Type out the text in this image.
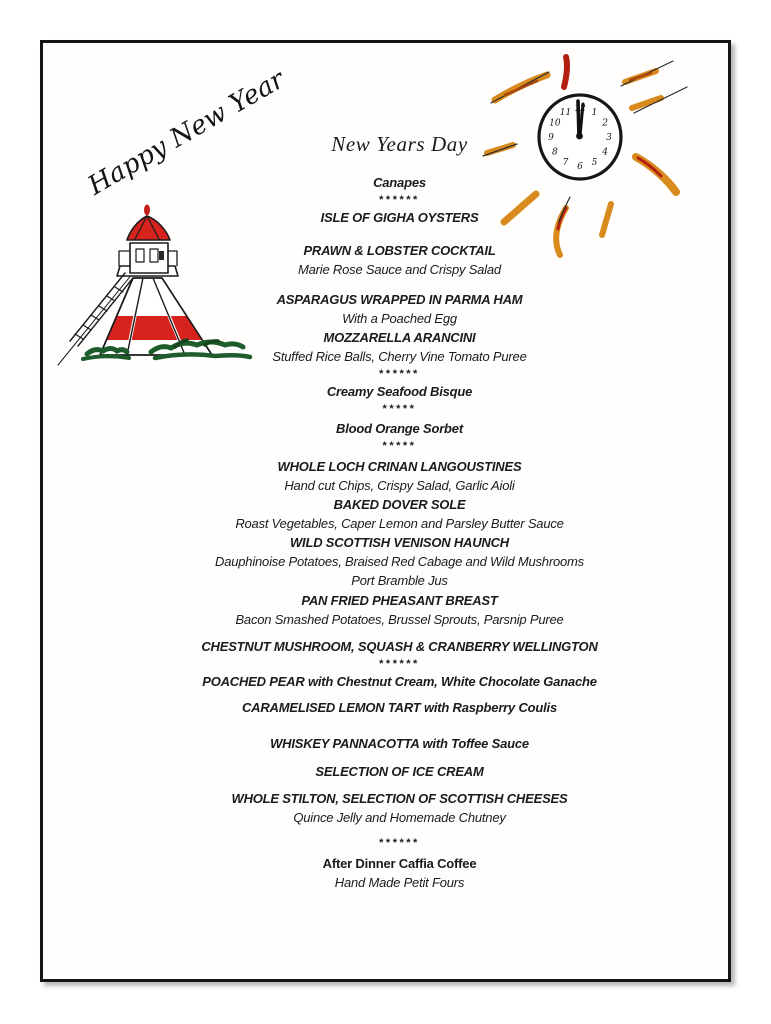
Happy New Year	12 1
2
3
4
5
6
7
8
9
10
11
New Years Day
Canapes
******
ISLE OF GIGHA OYSTERS
PRAWN & LOBSTER COCKTAIL
Marie Rose Sauce and Crispy Salad
ASPARAGUS WRAPPED IN PARMA HAM
With a Poached Egg
MOZZARELLA ARANCINI
Stuffed Rice Balls, Cherry Vine Tomato Puree
******
Creamy Seafood Bisque
*****
Blood Orange Sorbet
*****
WHOLE LOCH CRINAN LANGOUSTINES
Hand cut Chips, Crispy Salad, Garlic Aioli
BAKED DOVER SOLE
Roast Vegetables, Caper Lemon and Parsley Butter Sauce
WILD SCOTTISH VENISON HAUNCH
Dauphinoise Potatoes, Braised Red Cabage and Wild Mushrooms
Port Bramble Jus
PAN FRIED PHEASANT BREAST
Bacon Smashed Potatoes, Brussel Sprouts, Parsnip Puree
CHESTNUT MUSHROOM, SQUASH & CRANBERRY WELLINGTON
******
POACHED PEAR with Chestnut Cream, White Chocolate Ganache
CARAMELISED LEMON TART with Raspberry Coulis
WHISKEY PANNACOTTA with Toffee Sauce
SELECTION OF ICE CREAM
WHOLE STILTON, SELECTION OF SCOTTISH CHEESES
Quince Jelly and Homemade Chutney
******
After Dinner Caffia Coffee
Hand Made Petit Fours
